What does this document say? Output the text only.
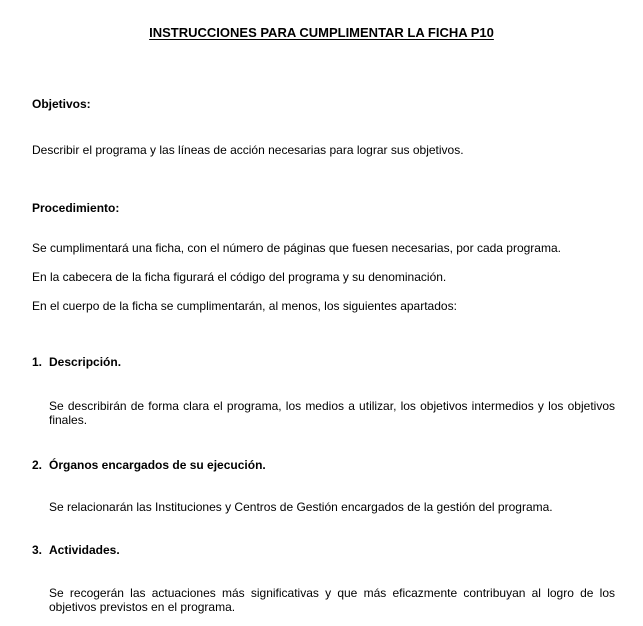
INSTRUCCIONES PARA CUMPLIMENTAR LA FICHA P10
Objetivos:
Describir el programa y las líneas de acción necesarias para lograr sus objetivos.
Procedimiento:
Se cumplimentará una ficha, con el número de páginas que fuesen necesarias, por cada programa.
En la cabecera de la ficha figurará el código del programa y su denominación.
En el cuerpo de la ficha se cumplimentarán, al menos, los siguientes apartados:
1. Descripción.
Se describirán de forma clara el programa, los medios a utilizar, los objetivos intermedios y los objetivos finales.
2. Órganos encargados de su ejecución.
Se relacionarán las Instituciones y Centros de Gestión encargados de la gestión del programa.
3. Actividades.
Se recogerán las actuaciones más significativas y que más eficazmente contribuyan al logro de los objetivos previstos en el programa.
